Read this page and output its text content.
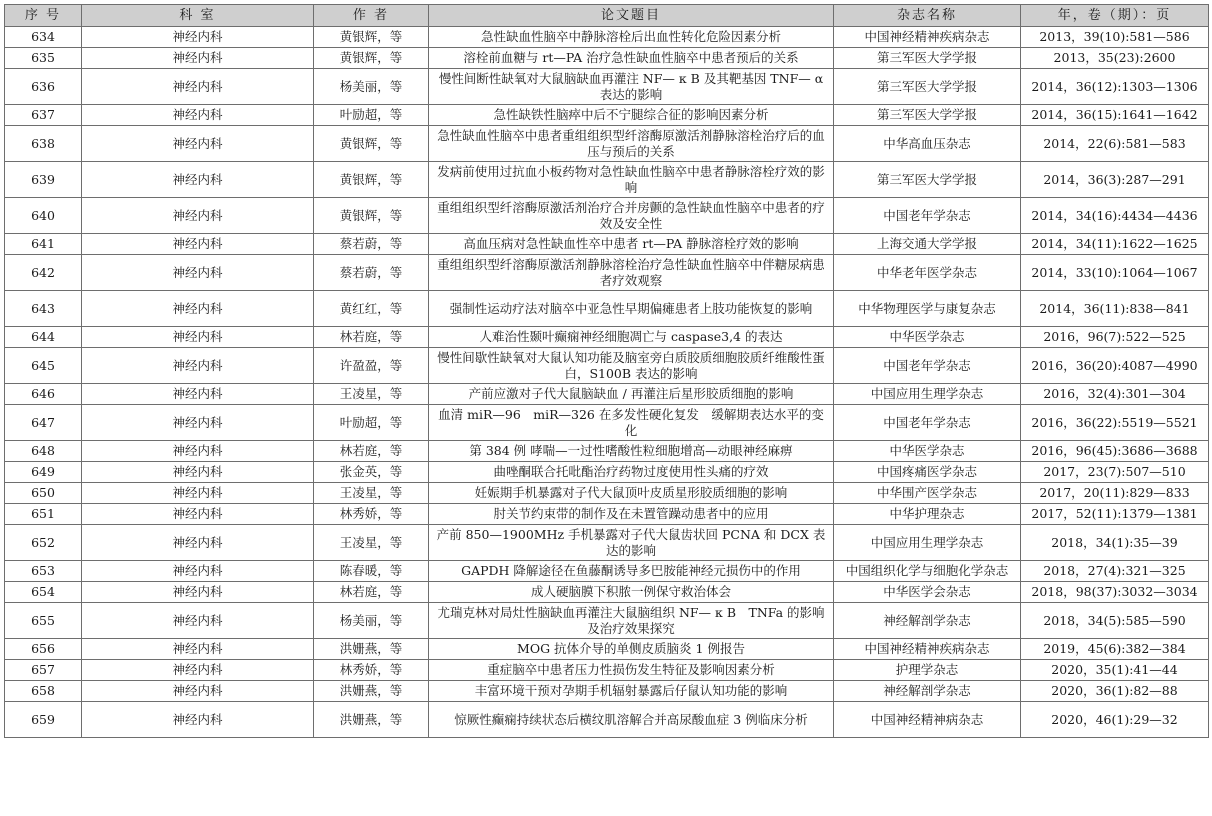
序 号	科 室	作 者	论文题目	杂志名称	年，卷（期）：页
634	神经内科	黄银辉，等	急性缺血性脑卒中静脉溶栓后出血性转化危险因素分析	中国神经精神疾病杂志	2013，39(10):581—586
635	神经内科	黄银辉，等	溶栓前血糖与 rt—PA 治疗急性缺血性脑卒中患者预后的关系	第三军医大学学报	2013，35(23):2600
636	神经内科	杨美丽，等	慢性间断性缺氧对大鼠脑缺血再灌注 NF— κ B 及其靶基因 TNF— α 表达的影响	第三军医大学学报	2014，36(12):1303—1306
637	神经内科	叶励超，等	急性缺铁性脑瘁中后不宁腿综合征的影响因素分析	第三军医大学学报	2014，36(15):1641—1642
638	神经内科	黄银辉，等	急性缺血性脑卒中患者重组组织型纤溶酶原激活剂静脉溶栓治疗后的血压与预后的关系	中华高血压杂志	2014，22(6):581—583
639	神经内科	黄银辉，等	发病前使用过抗血小板药物对急性缺血性脑卒中患者静脉溶栓疗效的影响	第三军医大学学报	2014，36(3):287—291
640	神经内科	黄银辉，等	重组组织型纤溶酶原激活剂治疗合并房颤的急性缺血性脑卒中患者的疗效及安全性	中国老年学杂志	2014，34(16):4434—4436
641	神经内科	蔡若蔚，等	高血压病对急性缺血性卒中患者 rt—PA 静脉溶栓疗效的影响	上海交通大学学报	2014，34(11):1622—1625
642	神经内科	蔡若蔚，等	重组组织型纤溶酶原激活剂静脉溶栓治疗急性缺血性脑卒中伴糖尿病患者疗效观察	中华老年医学杂志	2014，33(10):1064—1067
643	神经内科	黄红红，等	强制性运动疗法对脑卒中亚急性早期偏瘫患者上肢功能恢复的影响	中华物理医学与康复杂志	2014，36(11):838—841
644	神经内科	林若庭，等	人难治性颞叶癫痫神经细胞凋亡与 caspase3,4 的表达	中华医学杂志	2016，96(7):522—525
645	神经内科	许盈盈，等	慢性间歇性缺氧对大鼠认知功能及脑室旁白质胶质细胞胶质纤维酸性蛋白，S100B 表达的影响	中国老年学杂志	2016，36(20):4087—4990
646	神经内科	王凌星，等	产前应激对子代大鼠脑缺血 / 再灌注后星形胶质细胞的影响	中国应用生理学杂志	2016，32(4):301—304
647	神经内科	叶励超，等	血清 miR—96　miR—326 在多发性硬化复发　缓解期表达水平的变化	中国老年学杂志	2016，36(22):5519—5521
648	神经内科	林若庭，等	第 384 例 哮喘—一过性嗜酸性粒细胞增高—动眼神经麻痹	中华医学杂志	2016，96(45):3686—3688
649	神经内科	张金英，等	曲唑酮联合托吡酯治疗药物过度使用性头痛的疗效	中国疼痛医学杂志	2017，23(7):507—510
650	神经内科	王凌星，等	妊娠期手机暴露对子代大鼠顶叶皮质星形胶质细胞的影响	中华围产医学杂志	2017，20(11):829—833
651	神经内科	林秀娇，等	肘关节约束带的制作及在未置管躁动患者中的应用	中华护理杂志	2017，52(11):1379—1381
652	神经内科	王凌星，等	产前 850—1900MHz 手机暴露对子代大鼠齿状回 PCNA 和 DCX 表达的影响	中国应用生理学杂志	2018，34(1):35—39
653	神经内科	陈春暖，等	GAPDH 降解途径在鱼藤酮诱导多巴胺能神经元损伤中的作用	中国组织化学与细胞化学杂志	2018，27(4):321—325
654	神经内科	林若庭，等	成人硬脑膜下积脓一例保守救治体会	中华医学会杂志	2018，98(37):3032—3034
655	神经内科	杨美丽，等	尤瑞克林对局灶性脑缺血再灌注大鼠脑组织 NF— κ B　TNFa 的影响及治疗效果探究	神经解剖学杂志	2018，34(5):585—590
656	神经内科	洪姗燕，等	MOG 抗体介导的单侧皮质脑炎 1 例报告	中国神经精神疾病杂志	2019，45(6):382—384
657	神经内科	林秀娇，等	重症脑卒中患者压力性损伤发生特征及影响因素分析	护理学杂志	2020，35(1):41—44
658	神经内科	洪姗燕，等	丰富环境干预对孕期手机辐射暴露后仔鼠认知功能的影响	神经解剖学杂志	2020，36(1):82—88
659	神经内科	洪姗燕，等	惊厥性癫痫持续状态后横纹肌溶解合并高尿酸血症 3 例临床分析	中国神经精神病杂志	2020，46(1):29—32
